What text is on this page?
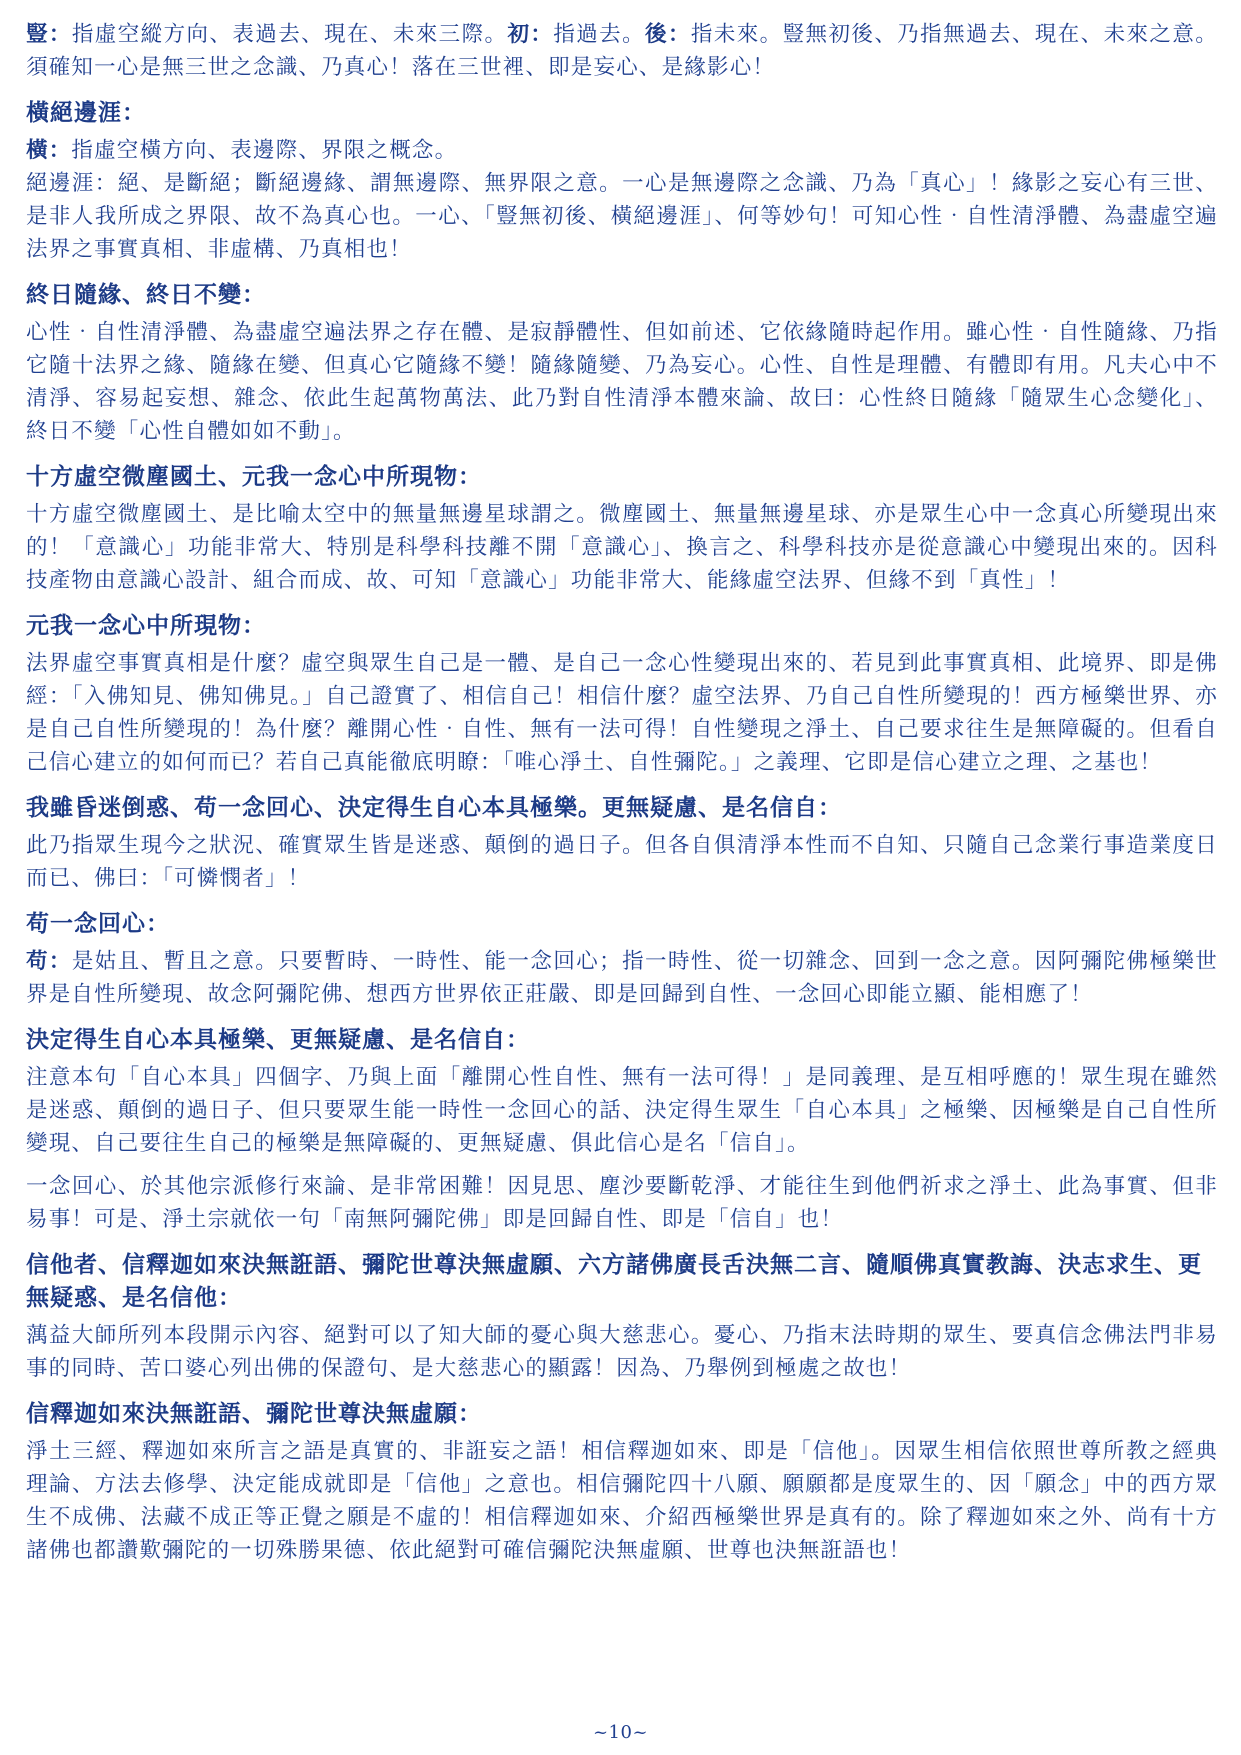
豎：指虛空縱方向、表過去、現在、未來三際。初：指過去。後：指未來。豎無初後、乃指無過去、現在、未來之意。須確知一心是無三世之念識、乃真心！落在三世裡、即是妄心、是緣影心！

橫絕邊涯：

橫：指虛空橫方向、表邊際、界限之概念。

絕邊涯：絕、是斷絕；斷絕邊緣、謂無邊際、無界限之意。一心是無邊際之念識、乃為「真心」！緣影之妄心有三世、是非人我所成之界限、故不為真心也。一心、「豎無初後、橫絕邊涯」、何等妙句！可知心性‧自性清淨體、為盡虛空遍法界之事實真相、非虛構、乃真相也！

終日隨緣、終日不變：

心性‧自性清淨體、為盡虛空遍法界之存在體、是寂靜體性、但如前述、它依緣隨時起作用。雖心性‧自性隨緣、乃指它隨十法界之緣、隨緣在變、但真心它隨緣不變！隨緣隨變、乃為妄心。心性、自性是理體、有體即有用。凡夫心中不清淨、容易起妄想、雜念、依此生起萬物萬法、此乃對自性清淨本體來論、故曰：心性終日隨緣「隨眾生心念變化」、終日不變「心性自體如如不動」。

十方虛空微塵國土、元我一念心中所現物：

十方虛空微塵國土、是比喻太空中的無量無邊星球謂之。微塵國土、無量無邊星球、亦是眾生心中一念真心所變現出來的！「意識心」功能非常大、特別是科學科技離不開「意識心」、換言之、科學科技亦是從意識心中變現出來的。因科技產物由意識心設計、組合而成、故、可知「意識心」功能非常大、能緣虛空法界、但緣不到「真性」！

元我一念心中所現物：

法界虛空事實真相是什麼？虛空與眾生自己是一體、是自己一念心性變現出來的、若見到此事實真相、此境界、即是佛經：「入佛知見、佛知佛見。」自己證實了、相信自己！相信什麼？虛空法界、乃自己自性所變現的！西方極樂世界、亦是自己自性所變現的！為什麼？離開心性‧自性、無有一法可得！自性變現之淨土、自己要求往生是無障礙的。但看自己信心建立的如何而已？若自己真能徹底明瞭：「唯心淨土、自性彌陀。」之義理、它即是信心建立之理、之基也！

我雖昏迷倒惑、苟一念回心、決定得生自心本具極樂。更無疑慮、是名信自：

此乃指眾生現今之狀況、確實眾生皆是迷惑、顛倒的過日子。但各自俱清淨本性而不自知、只隨自己念業行事造業度日而已、佛曰：「可憐憫者」！

苟一念回心：

苟：是姑且、暫且之意。只要暫時、一時性、能一念回心；指一時性、從一切雜念、回到一念之意。因阿彌陀佛極樂世界是自性所變現、故念阿彌陀佛、想西方世界依正莊嚴、即是回歸到自性、一念回心即能立顯、能相應了！

決定得生自心本具極樂、更無疑慮、是名信自：

注意本句「自心本具」四個字、乃與上面「離開心性自性、無有一法可得！」是同義理、是互相呼應的！眾生現在雖然是迷惑、顛倒的過日子、但只要眾生能一時性一念回心的話、決定得生眾生「自心本具」之極樂、因極樂是自己自性所變現、自己要往生自己的極樂是無障礙的、更無疑慮、俱此信心是名「信自」。

一念回心、於其他宗派修行來論、是非常困難！因見思、塵沙要斷乾淨、才能往生到他們祈求之淨土、此為事實、但非易事！可是、淨土宗就依一句「南無阿彌陀佛」即是回歸自性、即是「信自」也！

信他者、信釋迦如來決無誑語、彌陀世尊決無虛願、六方諸佛廣長舌決無二言、隨順佛真實教誨、決志求生、更無疑惑、是名信他：

蕅益大師所列本段開示內容、絕對可以了知大師的憂心與大慈悲心。憂心、乃指末法時期的眾生、要真信念佛法門非易事的同時、苦口婆心列出佛的保證句、是大慈悲心的顯露！因為、乃舉例到極處之故也！

信釋迦如來決無誑語、彌陀世尊決無虛願：

淨土三經、釋迦如來所言之語是真實的、非誑妄之語！相信釋迦如來、即是「信他」。因眾生相信依照世尊所教之經典理論、方法去修學、決定能成就即是「信他」之意也。相信彌陀四十八願、願願都是度眾生的、因「願念」中的西方眾生不成佛、法藏不成正等正覺之願是不虛的！相信釋迦如來、介紹西極樂世界是真有的。除了釋迦如來之外、尚有十方諸佛也都讚歎彌陀的一切殊勝果德、依此絕對可確信彌陀決無虛願、世尊也決無誑語也！

~10~
